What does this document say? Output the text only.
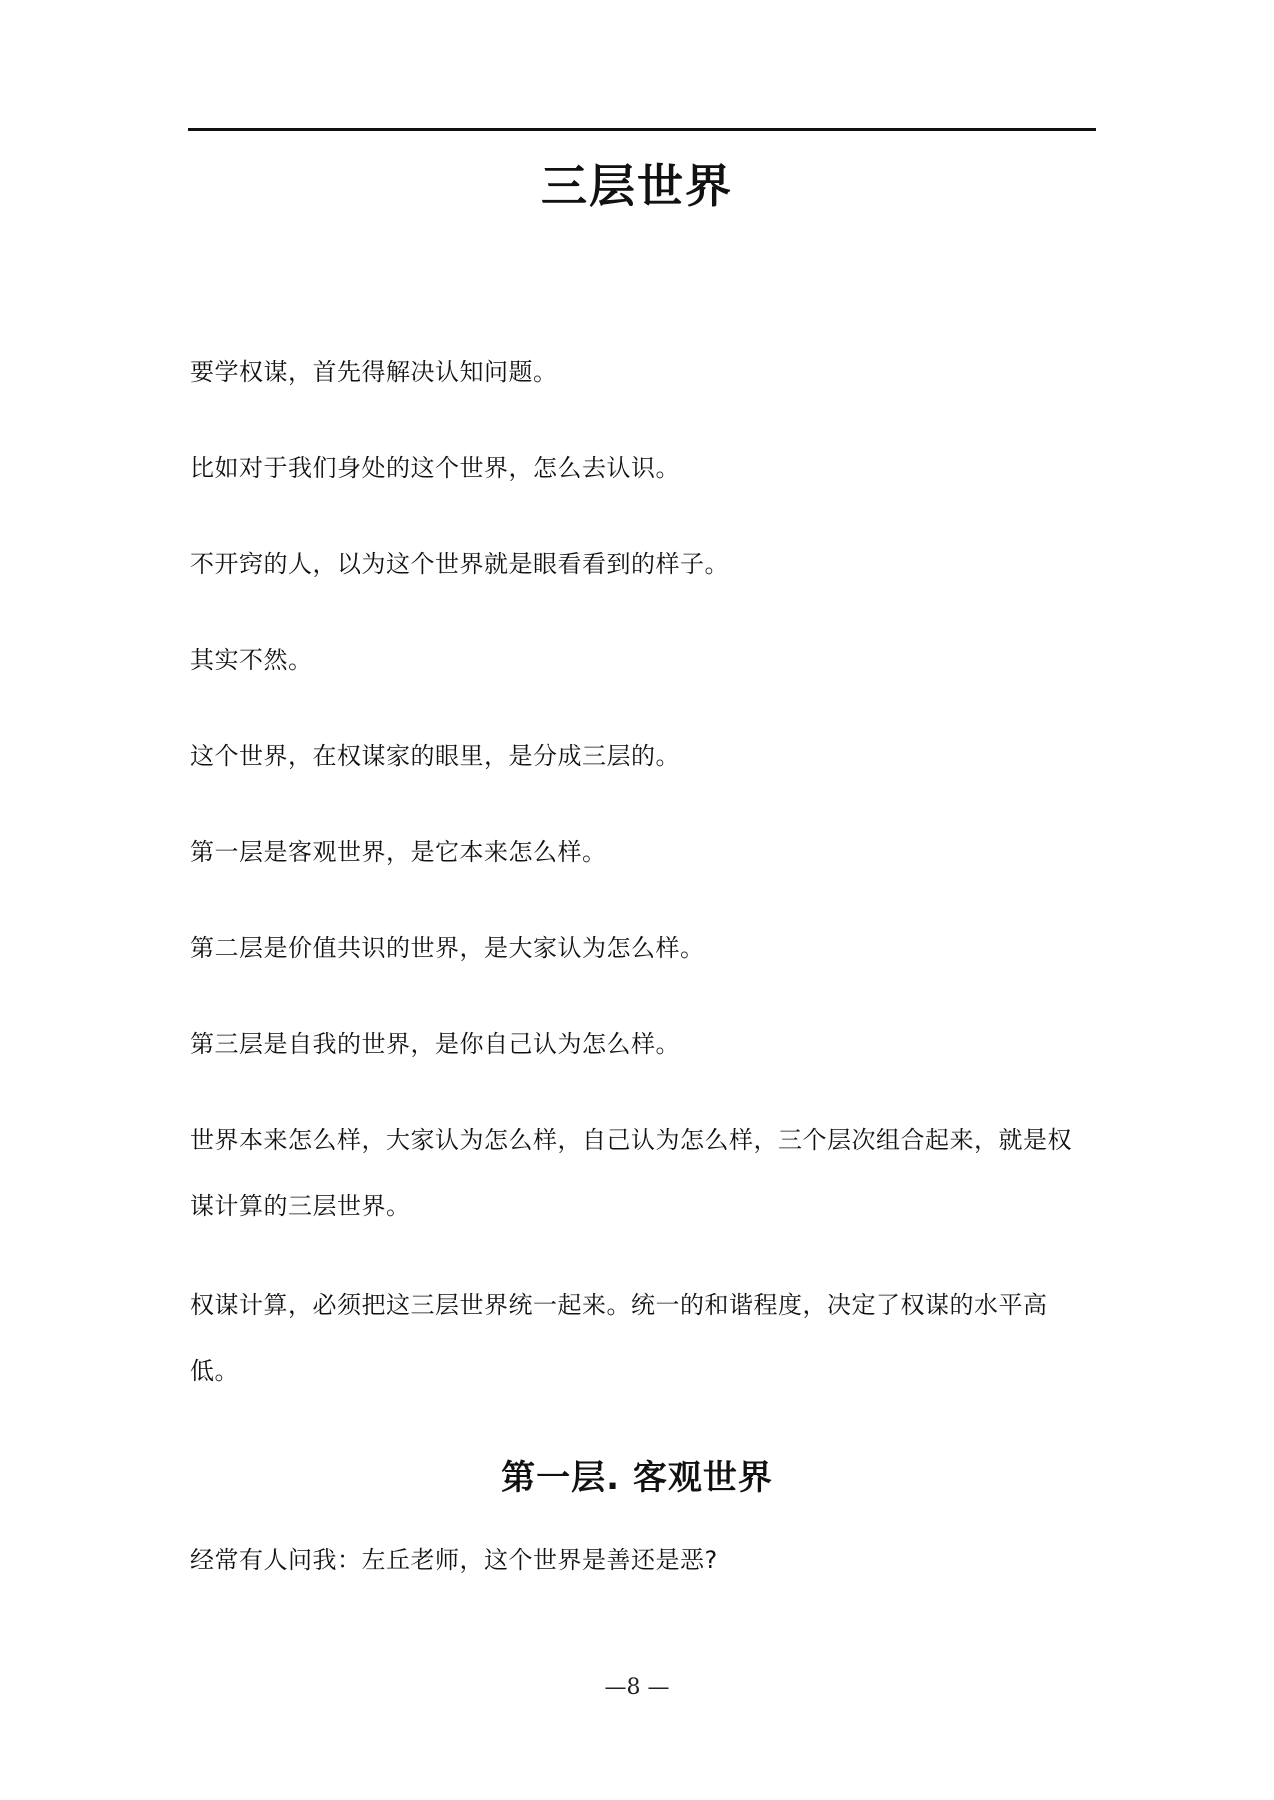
三层世界

要学权谋，首先得解决认知问题。

比如对于我们身处的这个世界，怎么去认识。

不开窍的人，以为这个世界就是眼看看到的样子。

其实不然。

这个世界，在权谋家的眼里，是分成三层的。

第一层是客观世界，是它本来怎么样。

第二层是价值共识的世界，是大家认为怎么样。

第三层是自我的世界，是你自己认为怎么样。

世界本来怎么样，大家认为怎么样，自己认为怎么样，三个层次组合起来，就是权谋计算的三层世界。

权谋计算，必须把这三层世界统一起来。统一的和谐程度，决定了权谋的水平高低。

第一层. 客观世界

经常有人问我：左丘老师，这个世界是善还是恶?

—8 —
